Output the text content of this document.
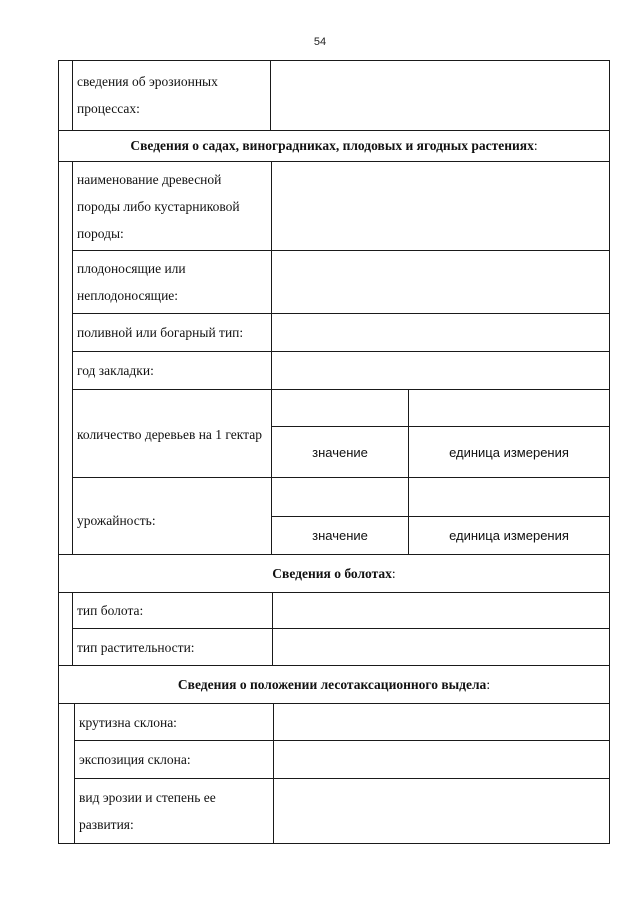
54
сведения об эрозионных процессах:
Сведения о садах, виноградниках, плодовых и ягодных растениях :
наименование древесной породы либо кустарниковой породы:
плодоносящие или неплодоносящие:
поливной или богарный тип:
год закладки:
количество деревьев на 1 гектар
значение	единица измерения
урожайность:
значение	единица измерения
Сведения о болотах :
тип болота:
тип растительности:
Сведения о положении лесотаксационного выдела :
крутизна склона:
экспозиция склона:
вид эрозии и степень ее развития:
